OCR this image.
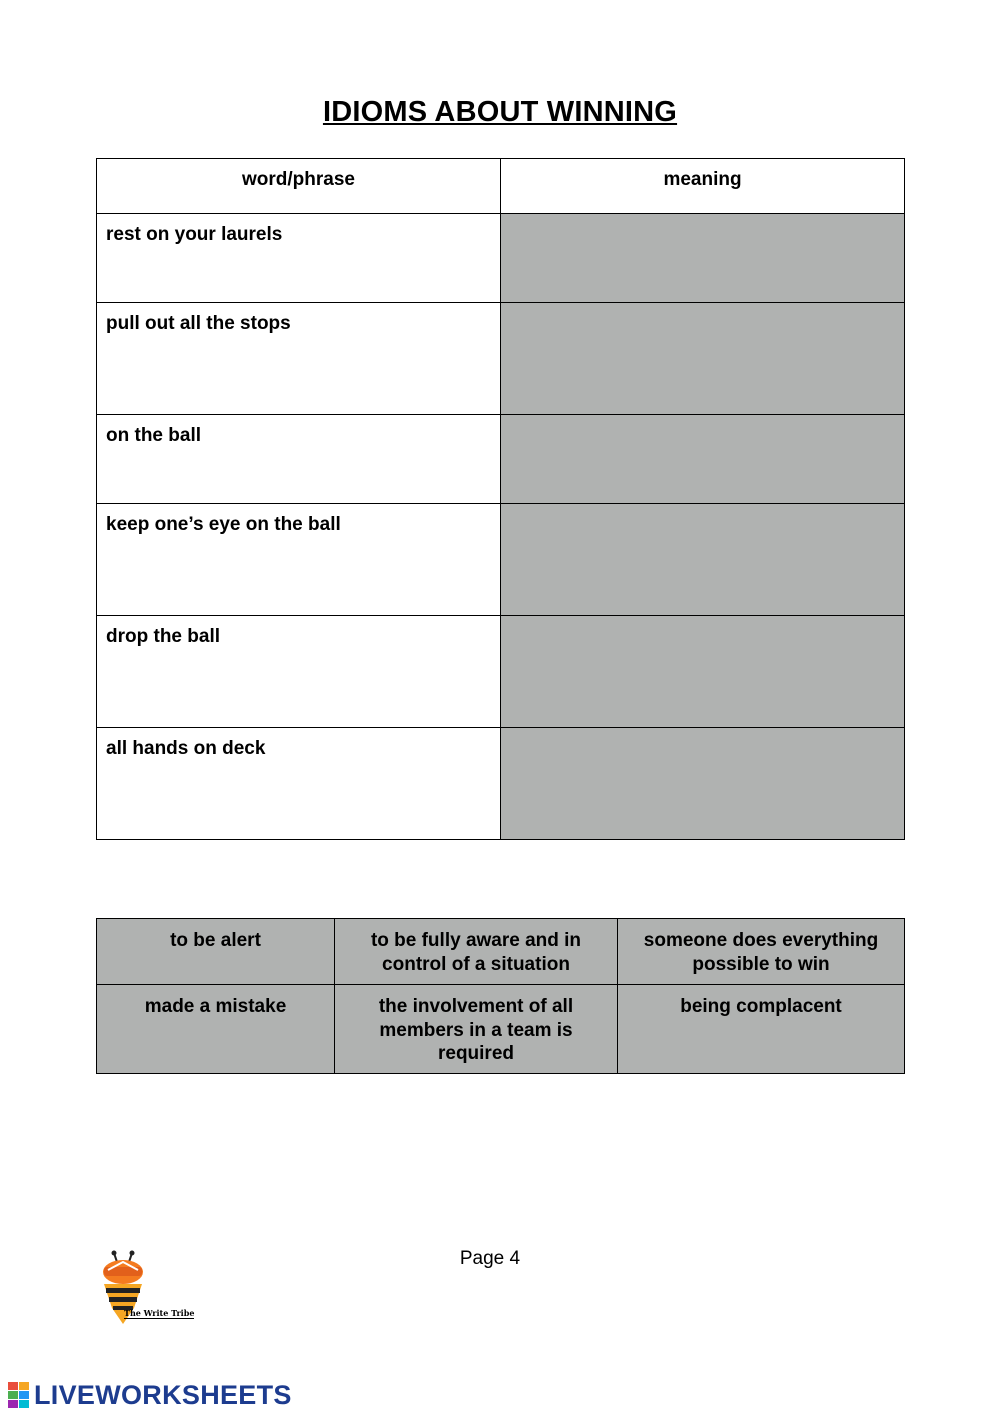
IDIOMS ABOUT WINNING
word/phrase	meaning
rest on your laurels	
pull out all the stops	
on the ball	
keep one’s eye on the ball	
drop the ball	
all hands on deck	
to be alert	to be fully aware and in control of a situation	someone does everything possible to win
made a mistake	the involvement of all members in a team is required	being complacent
The Write Tribe
Page 4
LIVEWORKSHEETS
